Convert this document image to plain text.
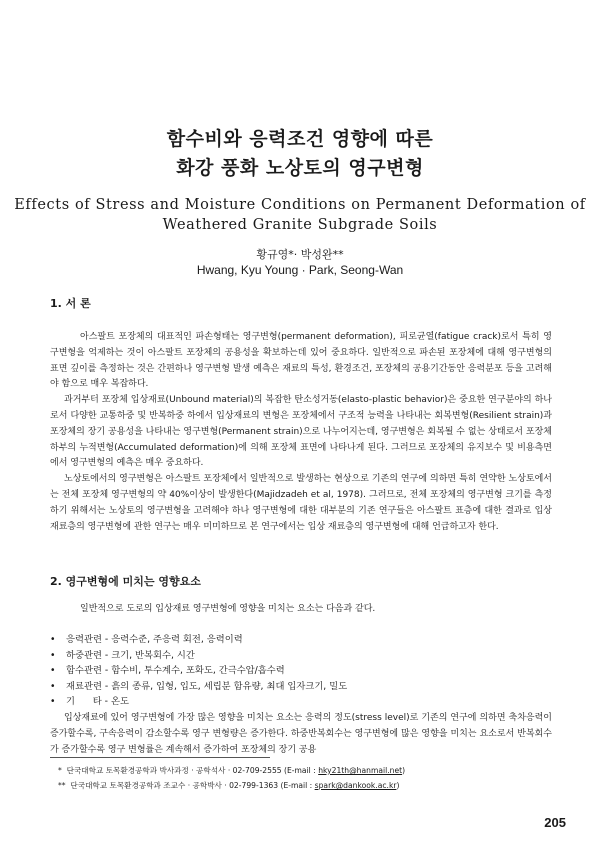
함수비와 응력조건 영향에 따른
화강 풍화 노상토의 영구변형
Effects of Stress and Moisture Conditions on Permanent Deformation of
Weathered Granite Subgrade Soils
황규영*· 박성완**
Hwang, Kyu Young · Park, Seong-Wan
1. 서 론

아스팔트 포장체의 대표적인 파손형태는 영구변형(permanent deformation), 피로균열(fatigue crack)로서 특히 영구변형을 억제하는 것이 아스팔트 포장체의 공용성을 확보하는데 있어 중요하다. 일반적으로 파손된 포장체에 대해 영구변형의 표면 깊이를 측정하는 것은 간편하나 영구변형 발생 예측은 재료의 특성, 환경조건, 포장체의 공용기간동안 응력분포 등을 고려해야 함으로 매우 복잡하다.

과거부터 포장체 입상재료(Unbound material)의 복잡한 탄소성거동(elasto-plastic behavior)은 중요한 연구분야의 하나로서 다양한 교통하중 및 반복하중 하에서 입상재료의 변형은 포장체에서 구조적 능력을 나타내는 회복변형(Resilient strain)과 포장체의 장기 공용성을 나타내는 영구변형(Permanent strain)으로 나누어지는데, 영구변형은 회복될 수 없는 상태로서 포장체 하부의 누적변형(Accumulated deformation)에 의해 포장체 표면에 나타나게 된다. 그러므로 포장체의 유지보수 및 비용측면에서 영구변형의 예측은 매우 중요하다.

노상토에서의 영구변형은 아스팔트 포장체에서 일반적으로 발생하는 현상으로 기존의 연구에 의하면 특히 연약한 노상토에서는 전체 포장체 영구변형의 약 40%이상이 발생한다(Majidzadeh et al, 1978). 그러므로, 전체 포장체의 영구변형 크기를 측정하기 위해서는 노상토의 영구변형을 고려해야 하나 영구변형에 대한 대부분의 기존 연구들은 아스팔트 표층에 대한 결과로 입상재료층의 영구변형에 관한 연구는 매우 미미하므로 본 연구에서는 입상 재료층의 영구변형에 대해 언급하고자 한다.

2. 영구변형에 미치는 영향요소

일반적으로 도로의 입상재료 영구변형에 영향을 미치는 요소는 다음과 같다.

• 응력관련 - 응력수준, 주응력 회전, 응력이력
• 하중관련 - 크기, 반복회수, 시간
• 함수관련 - 함수비, 투수계수, 포화도, 간극수압/흡수력
• 재료관련 - 흙의 종류, 입형, 입도, 세립분 함유량, 최대 입자크기, 밀도
• 기      타 - 온도

입상재료에 있어 영구변형에 가장 많은 영향을 미치는 요소는 응력의 정도(stress level)로 기존의 연구에 의하면 축차응력이 증가할수록, 구속응력이 감소할수록 영구 변형량은 증가한다. 하중반복회수는 영구변형에 많은 영향을 미치는 요소로서 반복회수가 증가할수록 영구 변형률은 계속해서 증가하여 포장체의 장기 공용

* 단국대학교 토목환경공학과 박사과정 · 공학석사 · 02-709-2555 (E-mail : hky21th@hanmail.net)
** 단국대학교 토목환경공학과 조교수 · 공학박사 · 02-799-1363 (E-mail : spark@dankook.ac.kr)
205
